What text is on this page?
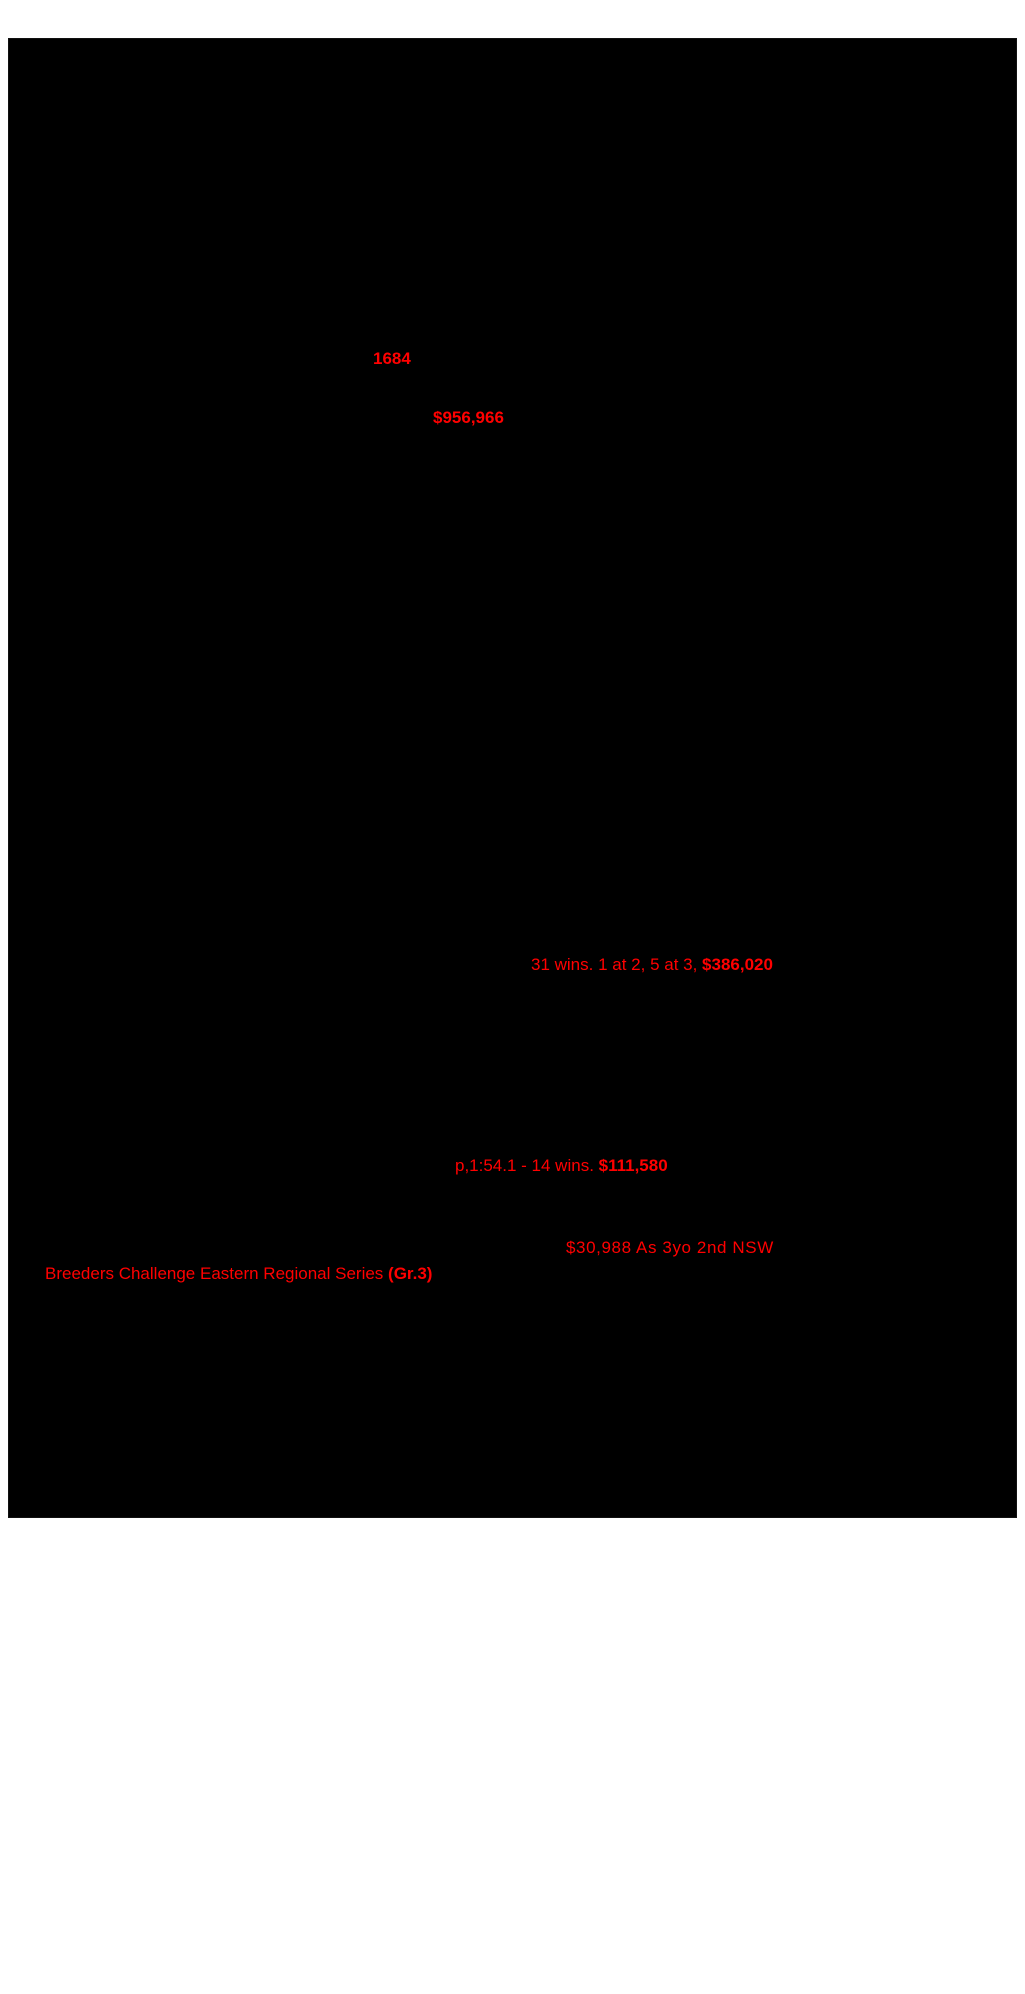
1684
$956,966
31 wins. 1 at 2, 5 at 3, $386,020
p,1:54.1 - 14 wins. $111,580
$30,988 As 3yo 2nd NSW
Breeders Challenge Eastern Regional Series (Gr.3)
